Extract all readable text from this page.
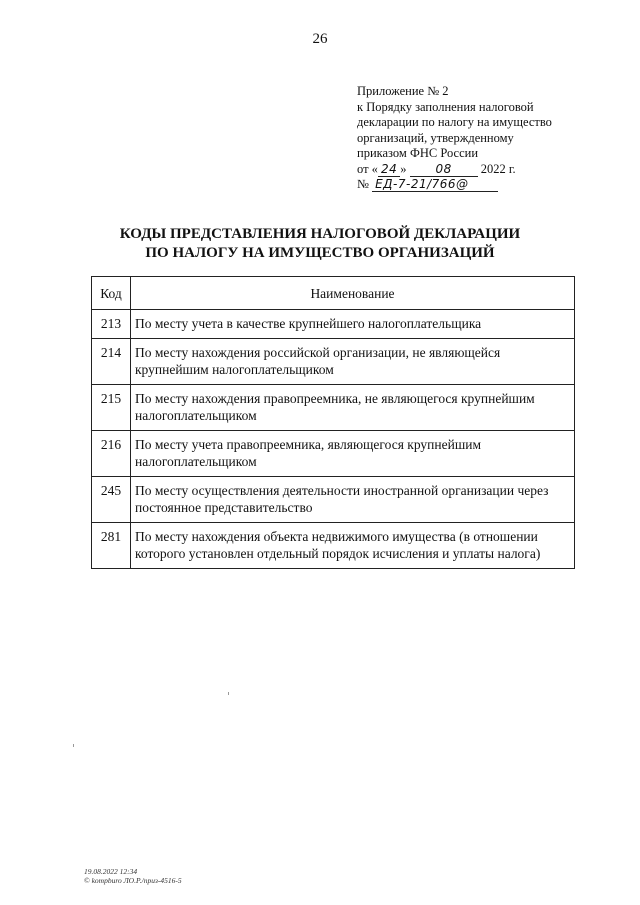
26
Приложение № 2
к Порядку заполнения налоговой
декларации по налогу на имущество
организаций, утвержденному
приказом ФНС России
от « 24 » 08 2022 г.
№ ЕД-7-21/766@
КОДЫ ПРЕДСТАВЛЕНИЯ НАЛОГОВОЙ ДЕКЛАРАЦИИ
ПО НАЛОГУ НА ИМУЩЕСТВО ОРГАНИЗАЦИЙ
Код	Наименование
213	По месту учета в качестве крупнейшего налогоплательщика
214	По месту нахождения российской организации, не являющейся крупнейшим налогоплательщиком
215	По месту нахождения правопреемника, не являющегося крупнейшим налогоплательщиком
216	По месту учета правопреемника, являющегося крупнейшим налогоплательщиком
245	По месту осуществления деятельности иностранной организации через постоянное представительство
281	По месту нахождения объекта недвижимого имущества (в отношении которого установлен отдельный порядок исчисления и уплаты налога)
19.08.2022 12:34
© kompburo ЛО.Р./приз-4516-5
